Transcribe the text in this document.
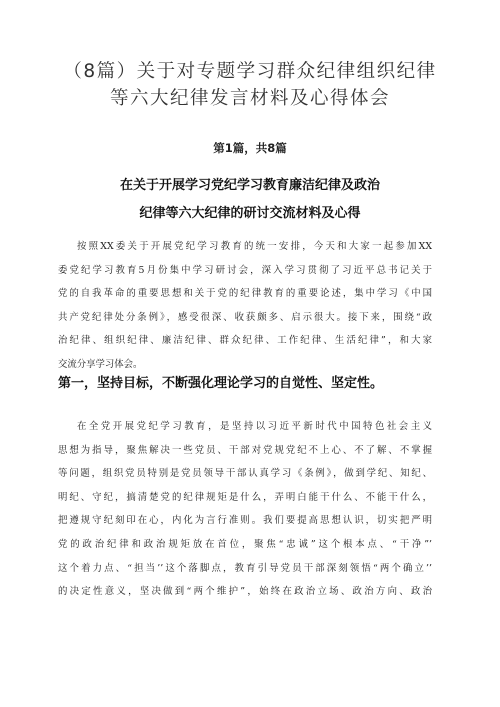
（8篇）关于对专题学习群众纪律组织纪律
等六大纪律发言材料及心得体会

第1篇，共8篇

在关于开展学习党纪学习教育廉洁纪律及政治
纪律等六大纪律的研讨交流材料及心得
按照XX委关于开展党纪学习教育的统一安排，今天和大家一起参加XX
委党纪学习教育5月份集中学习研讨会，深入学习贯彻了习近平总书记关于
党的自我革命的重要思想和关于党的纪律教育的重要论述，集中学习《中国
共产党纪律处分条例》，感受很深、收获颇多、启示很大。接下来，围绕“政
治纪律、组织纪律、廉洁纪律、群众纪律、工作纪律、生活纪律”，和大家
交流分享学习体会。
第一，坚持目标，不断强化理论学习的自觉性、坚定性。
在全党开展党纪学习教育，是坚持以习近平新时代中国特色社会主义
思想为指导，聚焦解决一些党员、干部对党规党纪不上心、不了解、不掌握
等问题，组织党员特别是党员领导干部认真学习《条例》，做到学纪、知纪、
明纪、守纪，搞清楚党的纪律规矩是什么，弄明白能干什么、不能干什么，
把遵规守纪刻印在心，内化为言行准则。我们要提高思想认识，切实把严明
党的政治纪律和政治规矩放在首位，聚焦“忠诚”这个根本点、“干净”’
这个着力点、“担当’’这个落脚点，教育引导党员干部深刻领悟“两个确立’’
的决定性意义，坚决做到“两个维护”，始终在政治立场、政治方向、政治
